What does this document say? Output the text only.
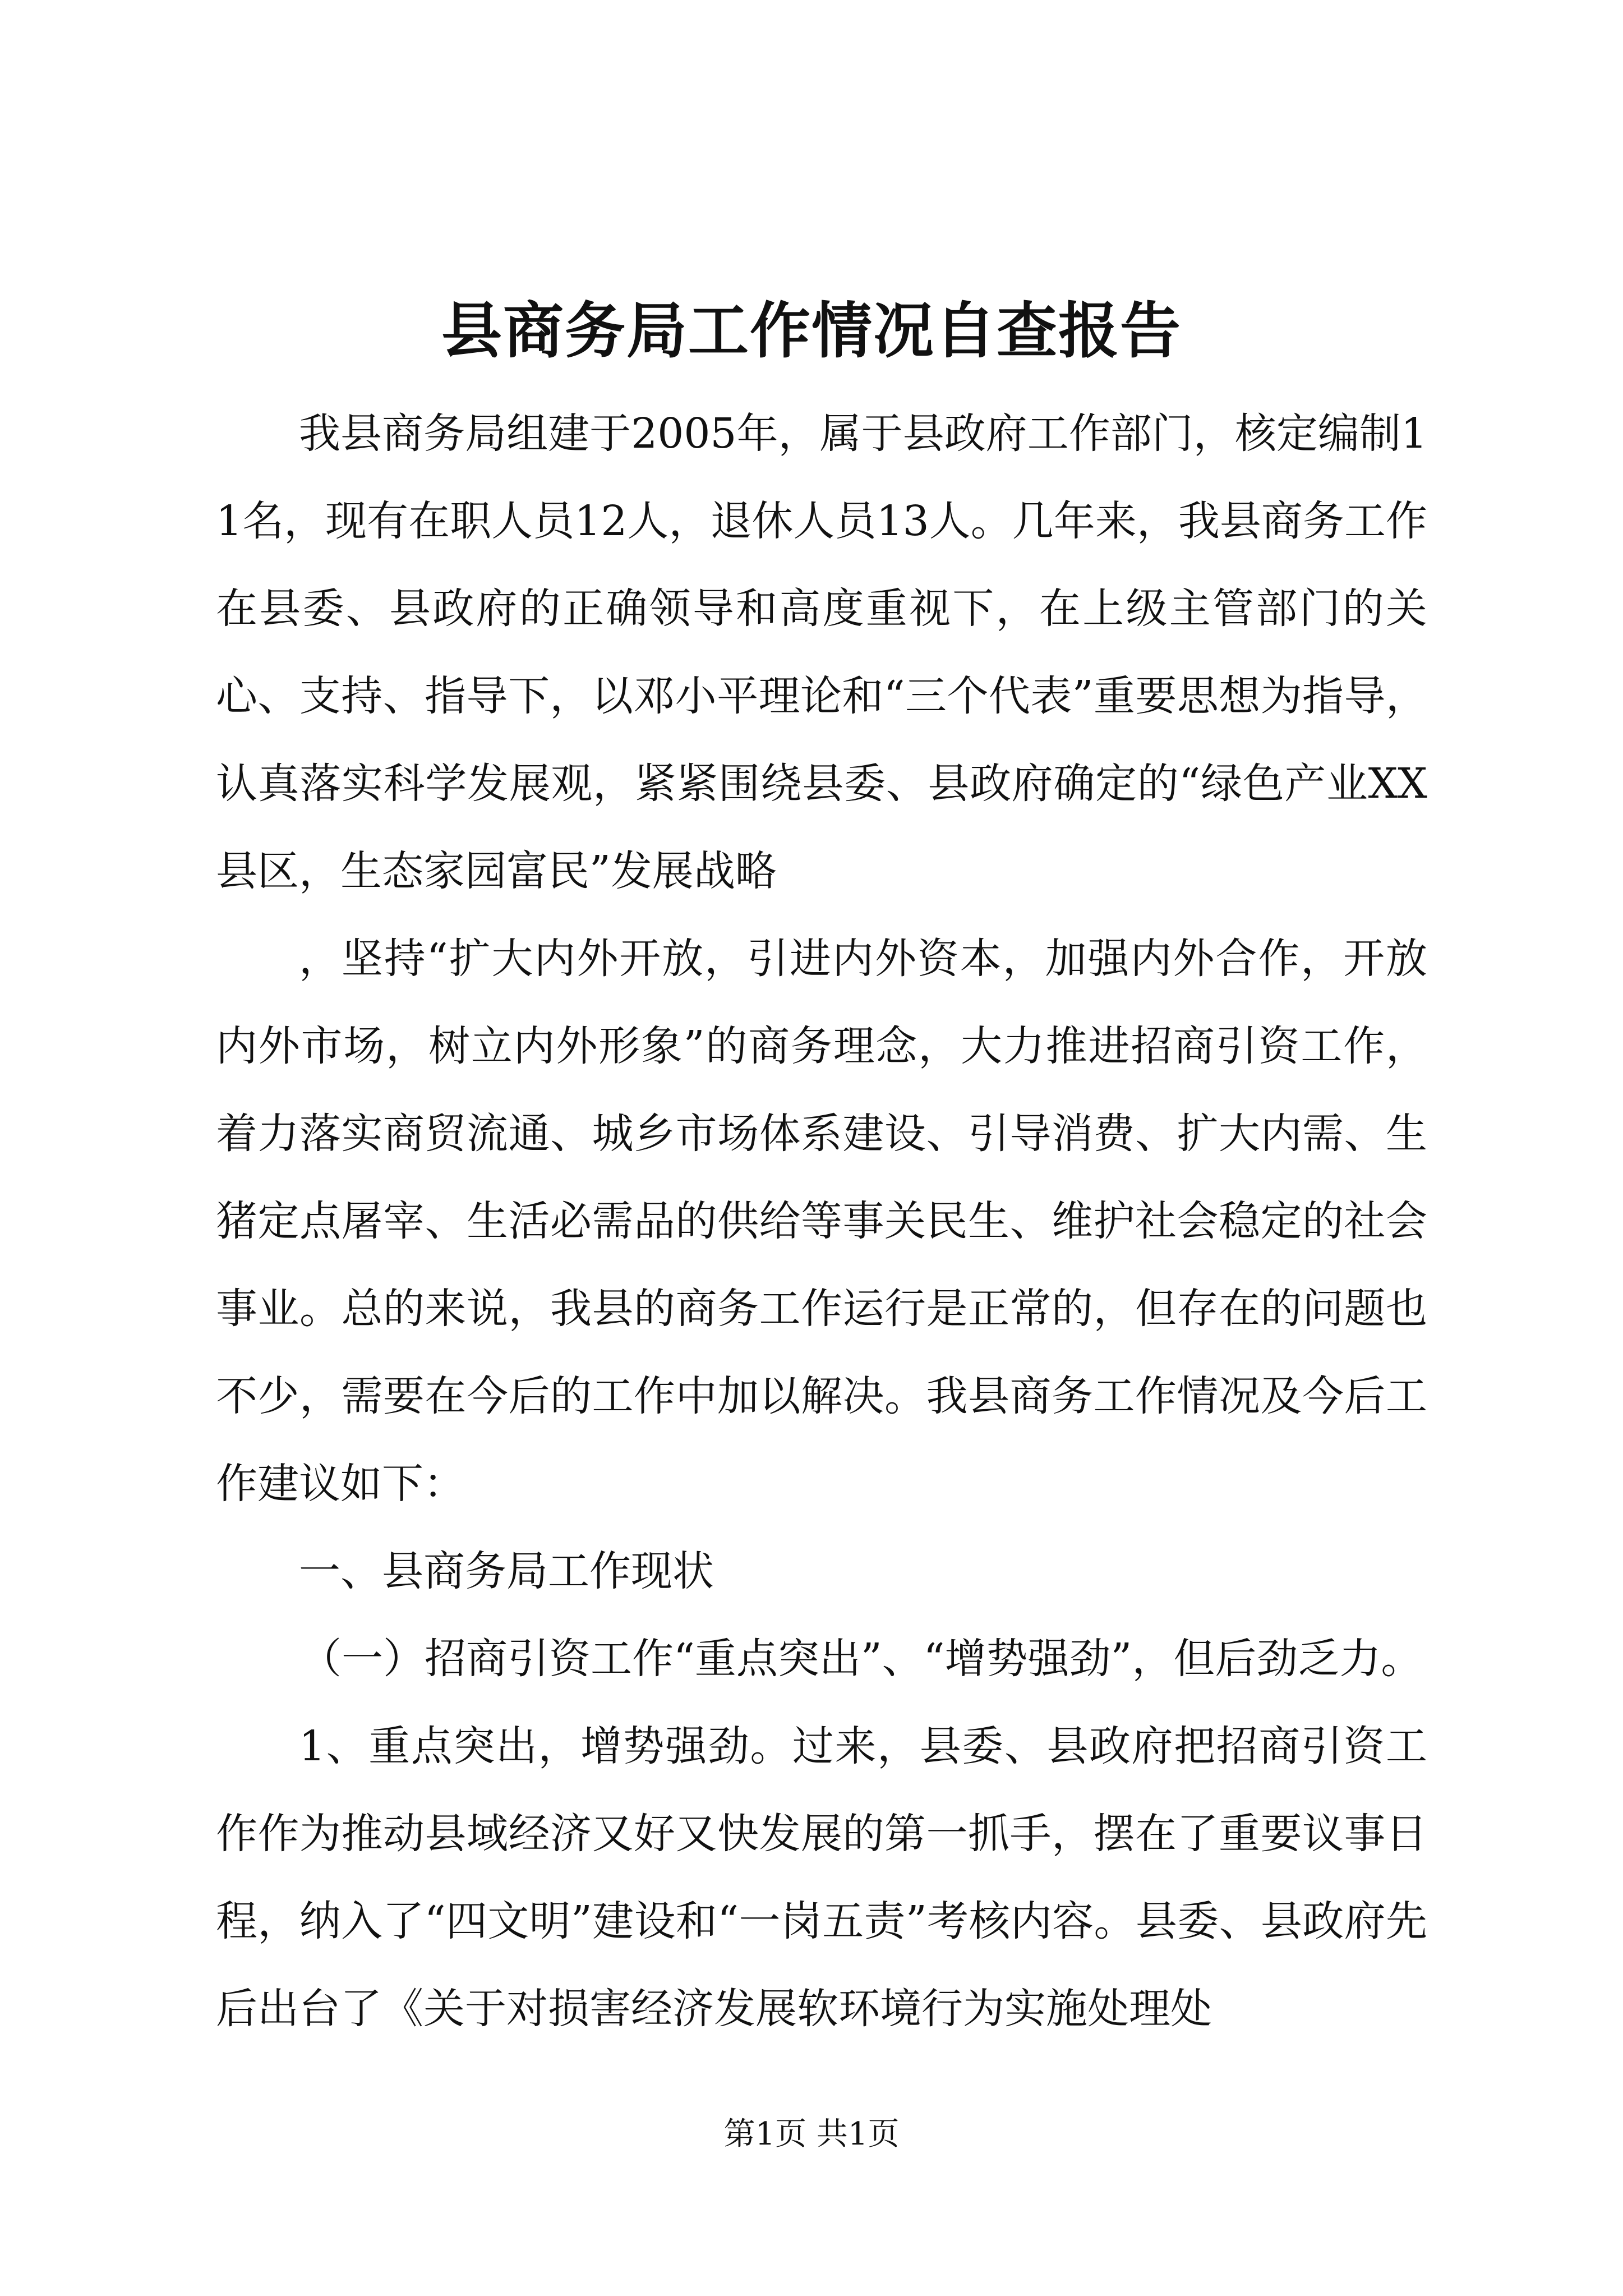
县商务局工作情况自查报告

我县商务局组建于2005年，属于县政府工作部门，核定编制11名，现有在职人员12人，退休人员13人。几年来，我县商务工作在县委、县政府的正确领导和高度重视下，在上级主管部门的关心、支持、指导下，以邓小平理论和“三个代表”重要思想为指导，认真落实科学发展观，紧紧围绕县委、县政府确定的“绿色产业XX县区，生态家园富民”发展战略

，坚持“扩大内外开放，引进内外资本，加强内外合作，开放内外市场，树立内外形象”的商务理念，大力推进招商引资工作，着力落实商贸流通、城乡市场体系建设、引导消费、扩大内需、生猪定点屠宰、生活必需品的供给等事关民生、维护社会稳定的社会事业。总的来说，我县的商务工作运行是正常的，但存在的问题也不少，需要在今后的工作中加以解决。我县商务工作情况及今后工作建议如下：

一、县商务局工作现状

（一）招商引资工作“重点突出”、“增势强劲”，但后劲乏力。

1、重点突出，增势强劲。过来，县委、县政府把招商引资工作作为推动县域经济又好又快发展的第一抓手，摆在了重要议事日程，纳入了“四文明”建设和“一岗五责”考核内容。县委、县政府先后出台了《关于对损害经济发展软环境行为实施处理处

第1页 共1页
